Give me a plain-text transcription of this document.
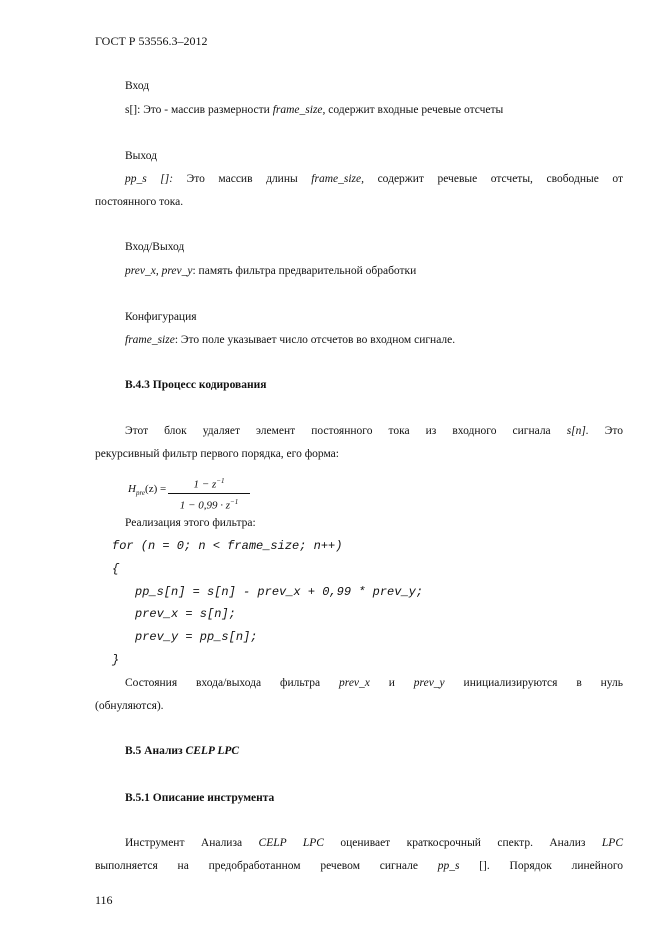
ГОСТ Р 53556.3–2012
Вход
s[]: Это - массив размерности frame_size, содержит входные речевые отсчеты
Выход
pp_s []: Это массив длины frame_size, содержит речевые отсчеты, свободные от
постоянного тока.
Вход/Выход
prev_x, prev_y: память фильтра предварительной обработки
Конфигурация
frame_size: Это поле указывает число отсчетов во входном сигнале.
B.4.3 Процесс кодирования
Этот блок удаляет элемент постоянного тока из входного сигнала s[n]. Это
рекурсивный фильтр первого порядка, его форма:
$H_{pre}(z)$ =	$1 - z^{-1}$
$1 - 0,99 \cdot z^{-1}$
Реализация этого фильтра:
for (n = 0; n < frame_size; n++)
{
pp_s[n] = s[n] - prev_x + 0,99 * prev_y;
prev_x = s[n];
prev_y = pp_s[n];
}
Состояния входа/выхода фильтра prev_x и prev_y инициализируются в нуль
(обнуляются).
B.5 Анализ CELP LPC
B.5.1 Описание инструмента
Инструмент Анализа CELP LPC оценивает краткосрочный спектр. Анализ LPC
выполняется на предобработанном речевом сигнале pp_s []. Порядок линейного
116
